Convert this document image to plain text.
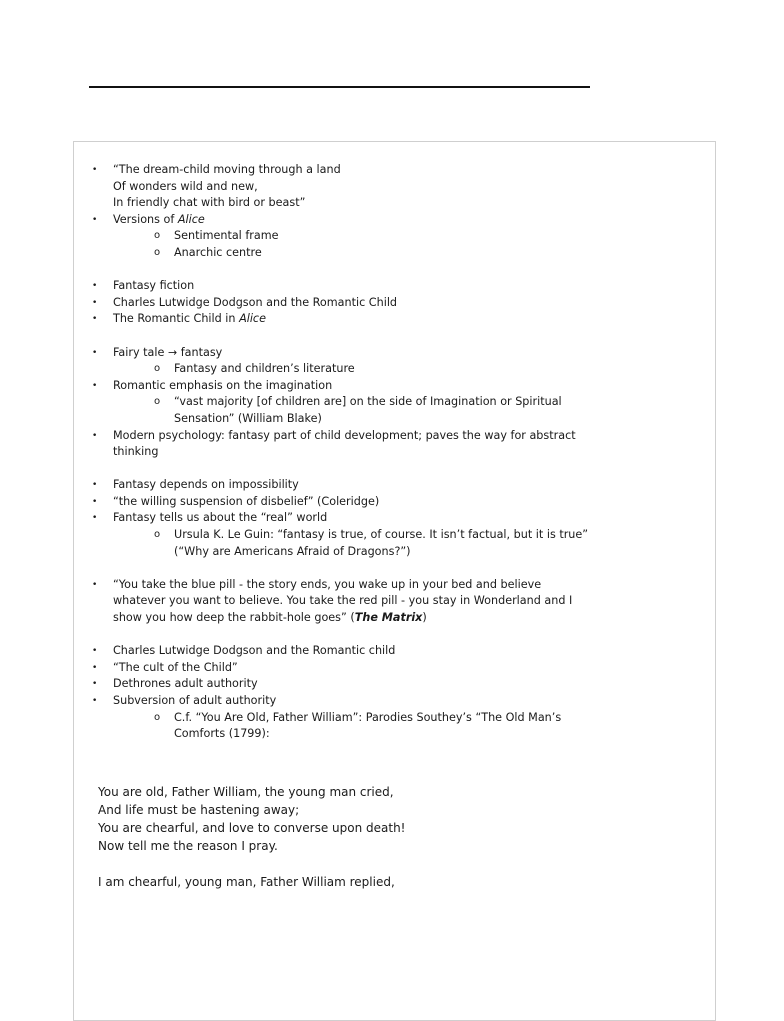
• “The dream-child moving through a land
Of wonders wild and new,
In friendly chat with bird or beast”
• Versions of Alice
o Sentimental frame
o Anarchic centre
• Fantasy fiction
• Charles Lutwidge Dodgson and the Romantic Child
• The Romantic Child in Alice
• Fairy tale → fantasy
o Fantasy and children’s literature
• Romantic emphasis on the imagination
o “vast majority [of children are] on the side of Imagination or Spiritual
Sensation” (William Blake)
• Modern psychology: fantasy part of child development; paves the way for abstract
thinking
• Fantasy depends on impossibility
• “the willing suspension of disbelief” (Coleridge)
• Fantasy tells us about the “real” world
o Ursula K. Le Guin: “fantasy is true, of course. It isn’t factual, but it is true”
(“Why are Americans Afraid of Dragons?”)
• “You take the blue pill - the story ends, you wake up in your bed and believe
whatever you want to believe. You take the red pill - you stay in Wonderland and I
show you how deep the rabbit-hole goes” (The Matrix)
• Charles Lutwidge Dodgson and the Romantic child
• “The cult of the Child”
• Dethrones adult authority
• Subversion of adult authority
o C.f. “You Are Old, Father William”: Parodies Southey’s “The Old Man’s
Comforts (1799):
You are old, Father William, the young man cried,
And life must be hastening away;
You are chearful, and love to converse upon death!
Now tell me the reason I pray.
I am chearful, young man, Father William replied,
